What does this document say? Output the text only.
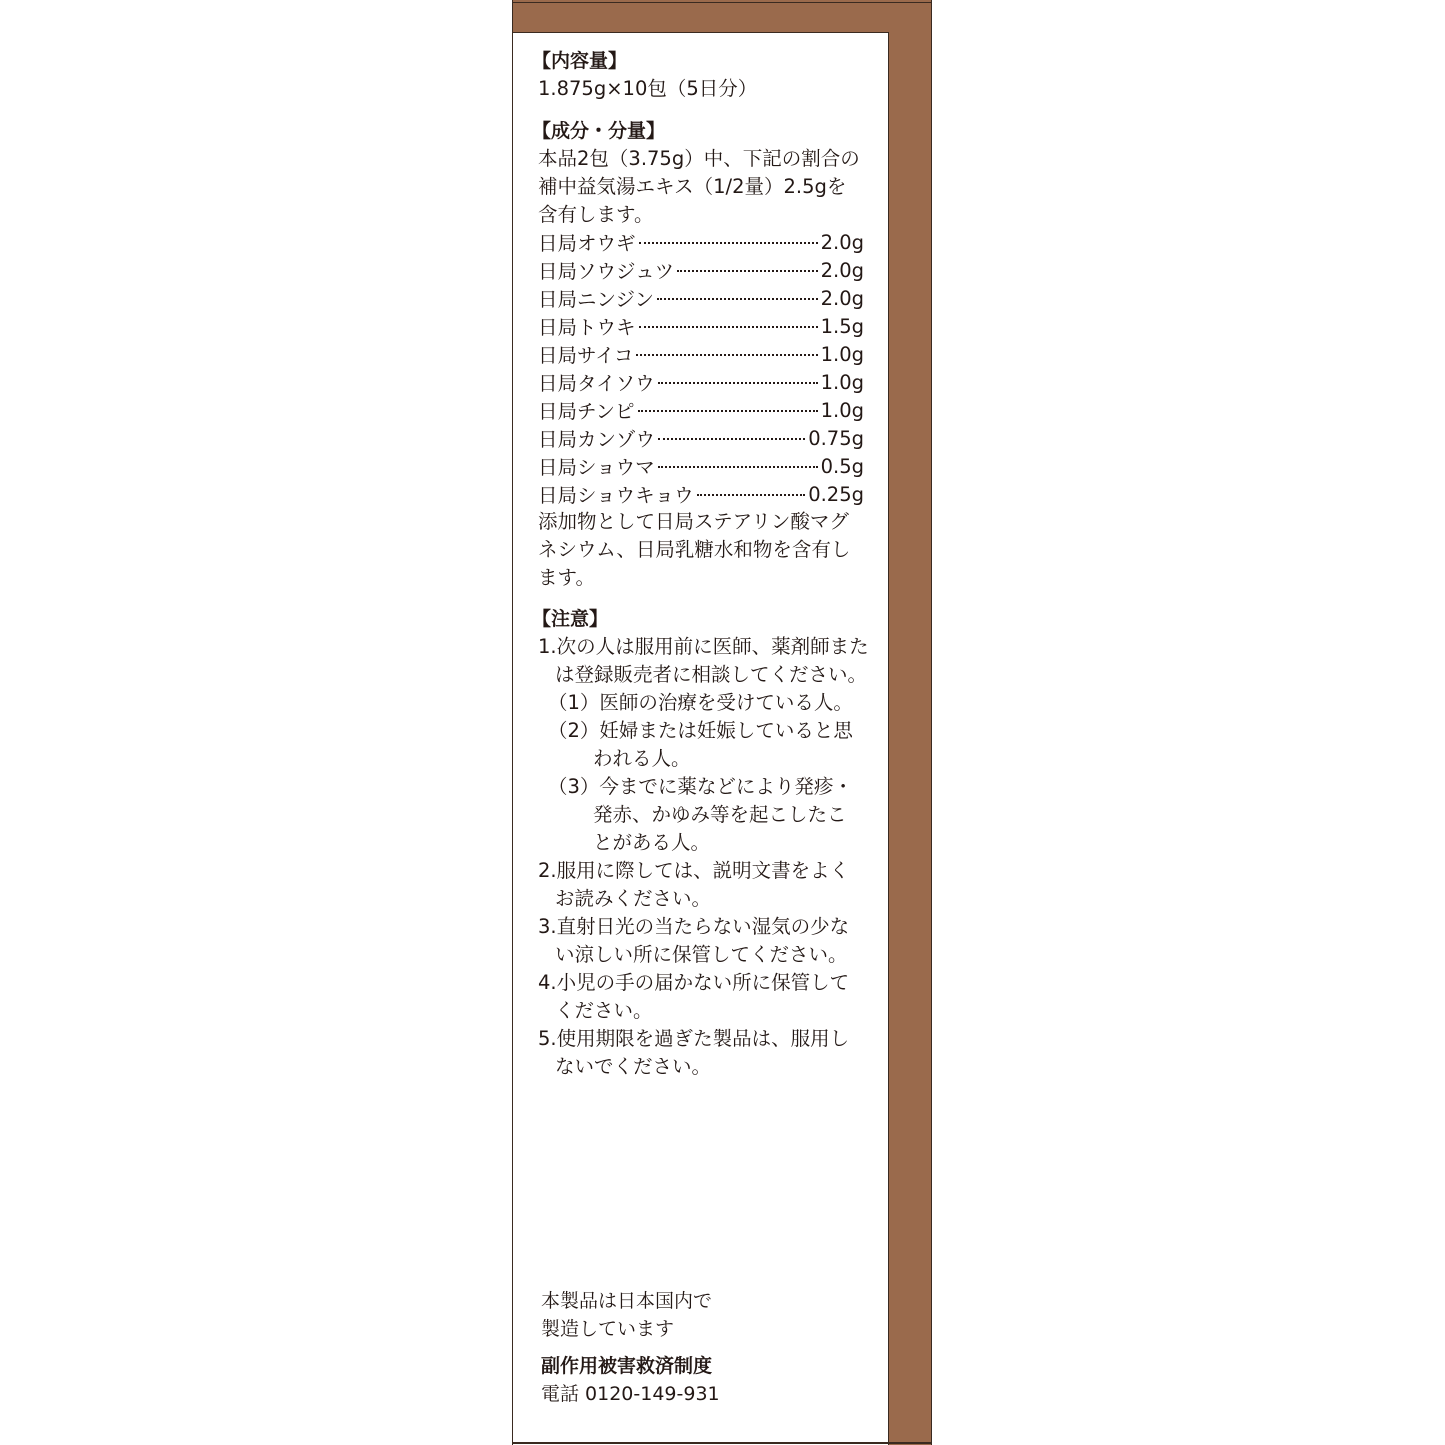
【内容量】
1.875g×10包（5日分）
【成分・分量】
本品2包（3.75g）中、下記の割合の
補中益気湯エキス（1/2量）2.5gを
含有します。
日局オウギ	2.0g
日局ソウジュツ	2.0g
日局ニンジン	2.0g
日局トウキ	1.5g
日局サイコ	1.0g
日局タイソウ	1.0g
日局チンピ	1.0g
日局カンゾウ	0.75g
日局ショウマ	0.5g
日局ショウキョウ	0.25g
添加物として日局ステアリン酸マグ
ネシウム、日局乳糖水和物を含有し
ます。
【注意】
1.次の人は服用前に医師、薬剤師また
は登録販売者に相談してください。
（1）医師の治療を受けている人。
（2）妊婦または妊娠していると思
われる人。
（3）今までに薬などにより発疹・
発赤、かゆみ等を起こしたこ
とがある人。
2.服用に際しては、説明文書をよく
お読みください。
3.直射日光の当たらない湿気の少な
い涼しい所に保管してください。
4.小児の手の届かない所に保管して
ください。
5.使用期限を過ぎた製品は、服用し
ないでください。
本製品は日本国内で
製造しています
副作用被害救済制度
電話 0120-149-931
